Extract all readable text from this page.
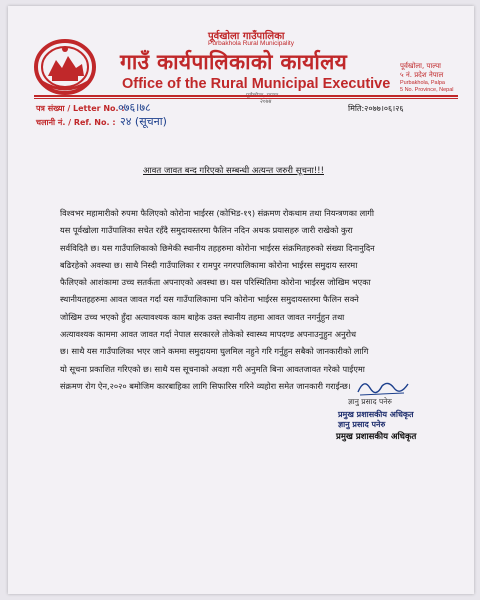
पूर्वखोला गाउँपालिका
Purbakhola Rural Municipality
गाउँ कार्यपालिकाको कार्यालय
Office of the Rural Municipal Executive
२०७४
पूर्वखोला, पाल्पा
५ नं. प्रदेश नेपाल
Purbakhola, Palpa
5 No. Province, Nepal
पत्र संख्या / Letter No. :
०७६।७८
चलानी नं. / Ref. No. : २४ (सूचना)
मिति:२०७७।०६।२६
आवत जावत बन्द गरिएको सम्बन्धी अत्यन्त जरुरी सूचना!!!
विश्वभर महामारीको रुपमा फैलिएको कोरोना भाईरस (कोभिड-१९) संक्रमण रोकथाम तथा नियन्त्रणका लागी
यस पूर्वखोला गाउँपालिका सचेत रहँदै समुदायस्तरमा फैलिन नदिन अथक प्रयासहरु जारी राखेको कुरा
सर्वविदितै छ। यस गाउँपालिकाको छिमेकी स्थानीय तहहरुमा कोरोना भाईरस संक्रमितहरुको संख्या दिनानुदिन
बढिरहेको अवस्था छ। साथै निस्दी गाउँपालिका र रामपुर नगरपालिकामा कोरोना भाईरस समुदाय स्तरमा
फैलिएको आशंकामा उच्च सतर्कता अपनाएको अवस्था छ। यस परिस्थितिमा कोरोना भाईरस जोखिम भएका
स्थानीयतहहरुमा आवत जावत गर्दा यस गाउँपालिकामा पनि कोरोना भाईरस समुदायस्तरमा फैलिन सक्ने
जोखिम उच्च भएको हुँदा अत्यावश्यक काम बाहेक उक्त स्थानीय तहमा आवत जावत नगर्नुहुन तथा
अत्यावश्यक काममा आवत जावत गर्दा नेपाल सरकारले तोकेको स्वास्थ्य मापदण्ड अपनाउनुहुन अनुरोध
छ। साथै यस गाउँपालिका भएर जाने कममा समुदायमा घुलमिल नहुने गरि गर्नुहुन सबैको जानकारीको लागि
यो सूचना प्रकाशित गरिएको छ। साथै यस सूचनाको अवज्ञा गरी अनुमति बिना आवतजावत गरेको पाईएमा
संक्रमण रोग ऐन,२०२० बमोजिम कारबाहिका लागि सिफारिस गरिने व्यहोरा समेत जानकारी गराईन्छ।
ज्ञानु प्रसाद पनेरु
प्रमुख प्रशासकीय अधिकृत
ज्ञानु प्रसाद पनेरु
प्रमुख प्रशासकीय अधिकृत
